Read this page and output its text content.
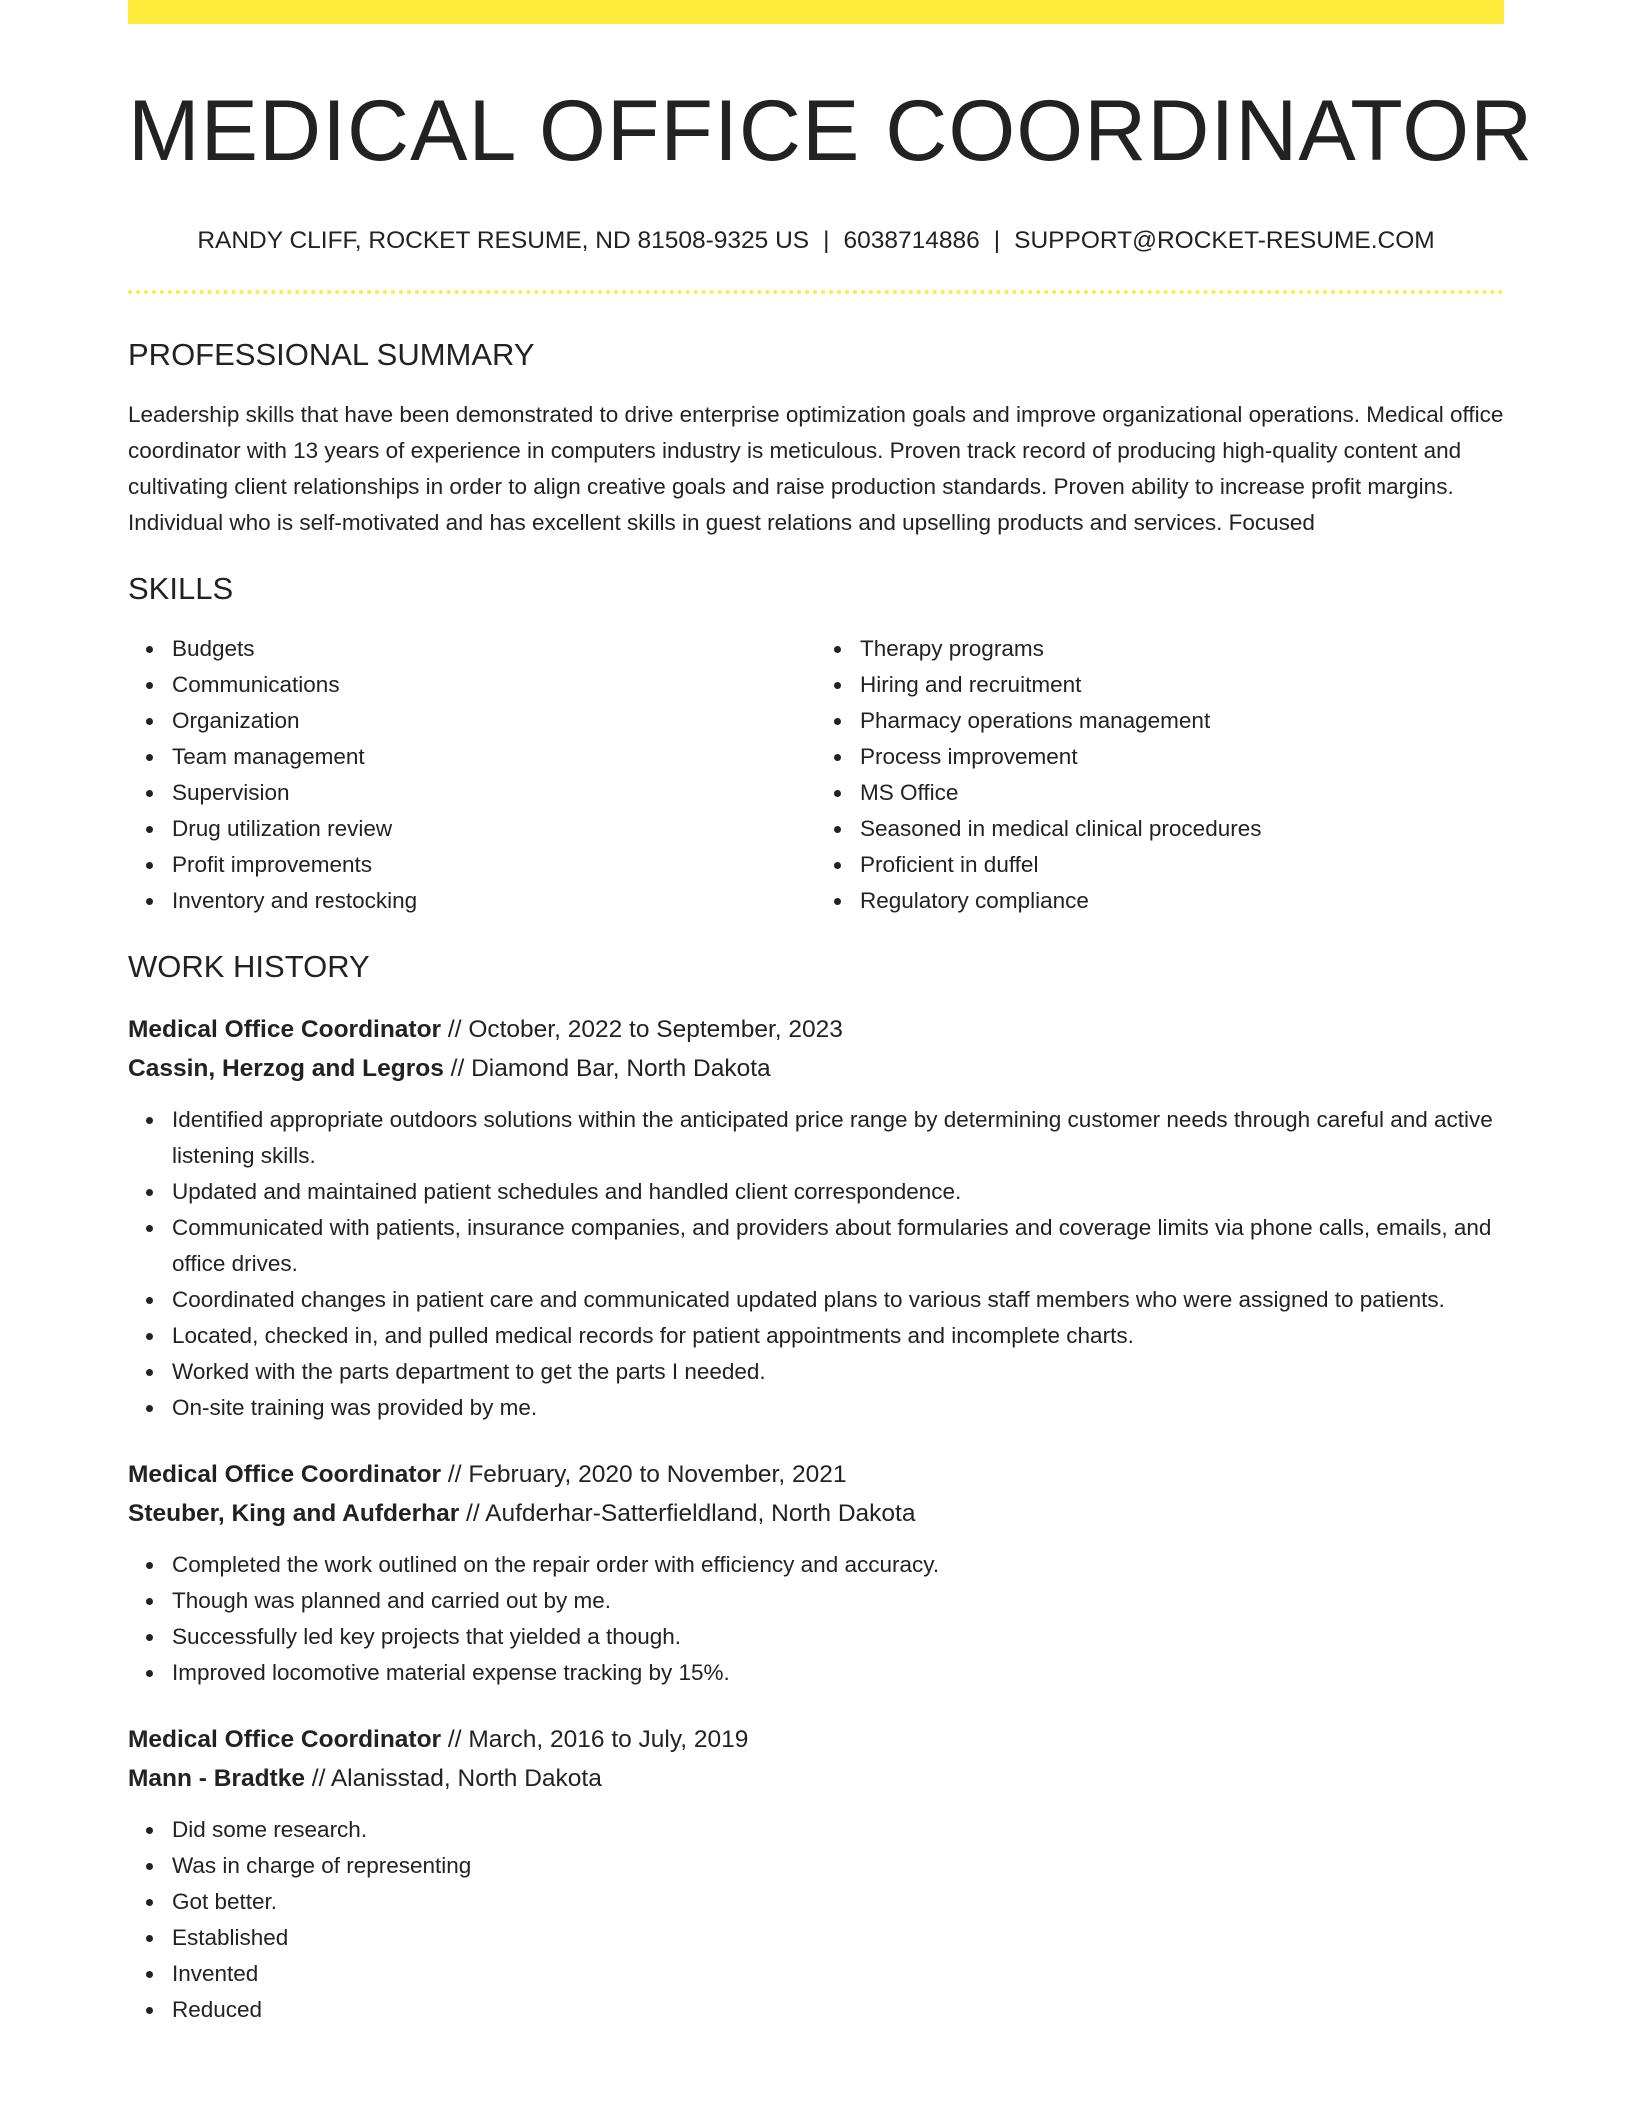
MEDICAL OFFICE COORDINATOR
RANDY CLIFF, ROCKET RESUME, ND 81508-9325 US | 6038714886 | SUPPORT@ROCKET-RESUME.COM
PROFESSIONAL SUMMARY

Leadership skills that have been demonstrated to drive enterprise optimization goals and improve organizational operations. Medical office coordinator with 13 years of experience in computers industry is meticulous. Proven track record of producing high-quality content and cultivating client relationships in order to align creative goals and raise production standards. Proven ability to increase profit margins. Individual who is self-motivated and has excellent skills in guest relations and upselling products and services. Focused

SKILLS
Budgets
Communications
Organization
Team management
Supervision
Drug utilization review
Profit improvements
Inventory and restocking
Therapy programs
Hiring and recruitment
Pharmacy operations management
Process improvement
MS Office
Seasoned in medical clinical procedures
Proficient in duffel
Regulatory compliance
WORK HISTORY
Medical Office Coordinator // October, 2022 to September, 2023
Cassin, Herzog and Legros // Diamond Bar, North Dakota
Identified appropriate outdoors solutions within the anticipated price range by determining customer needs through careful and active listening skills.
Updated and maintained patient schedules and handled client correspondence.
Communicated with patients, insurance companies, and providers about formularies and coverage limits via phone calls, emails, and office drives.
Coordinated changes in patient care and communicated updated plans to various staff members who were assigned to patients.
Located, checked in, and pulled medical records for patient appointments and incomplete charts.
Worked with the parts department to get the parts I needed.
On-site training was provided by me.
Medical Office Coordinator // February, 2020 to November, 2021
Steuber, King and Aufderhar // Aufderhar-Satterfieldland, North Dakota
Completed the work outlined on the repair order with efficiency and accuracy.
Though was planned and carried out by me.
Successfully led key projects that yielded a though.
Improved locomotive material expense tracking by 15%.
Medical Office Coordinator // March, 2016 to July, 2019
Mann - Bradtke // Alanisstad, North Dakota
Did some research.
Was in charge of representing
Got better.
Established
Invented
Reduced
